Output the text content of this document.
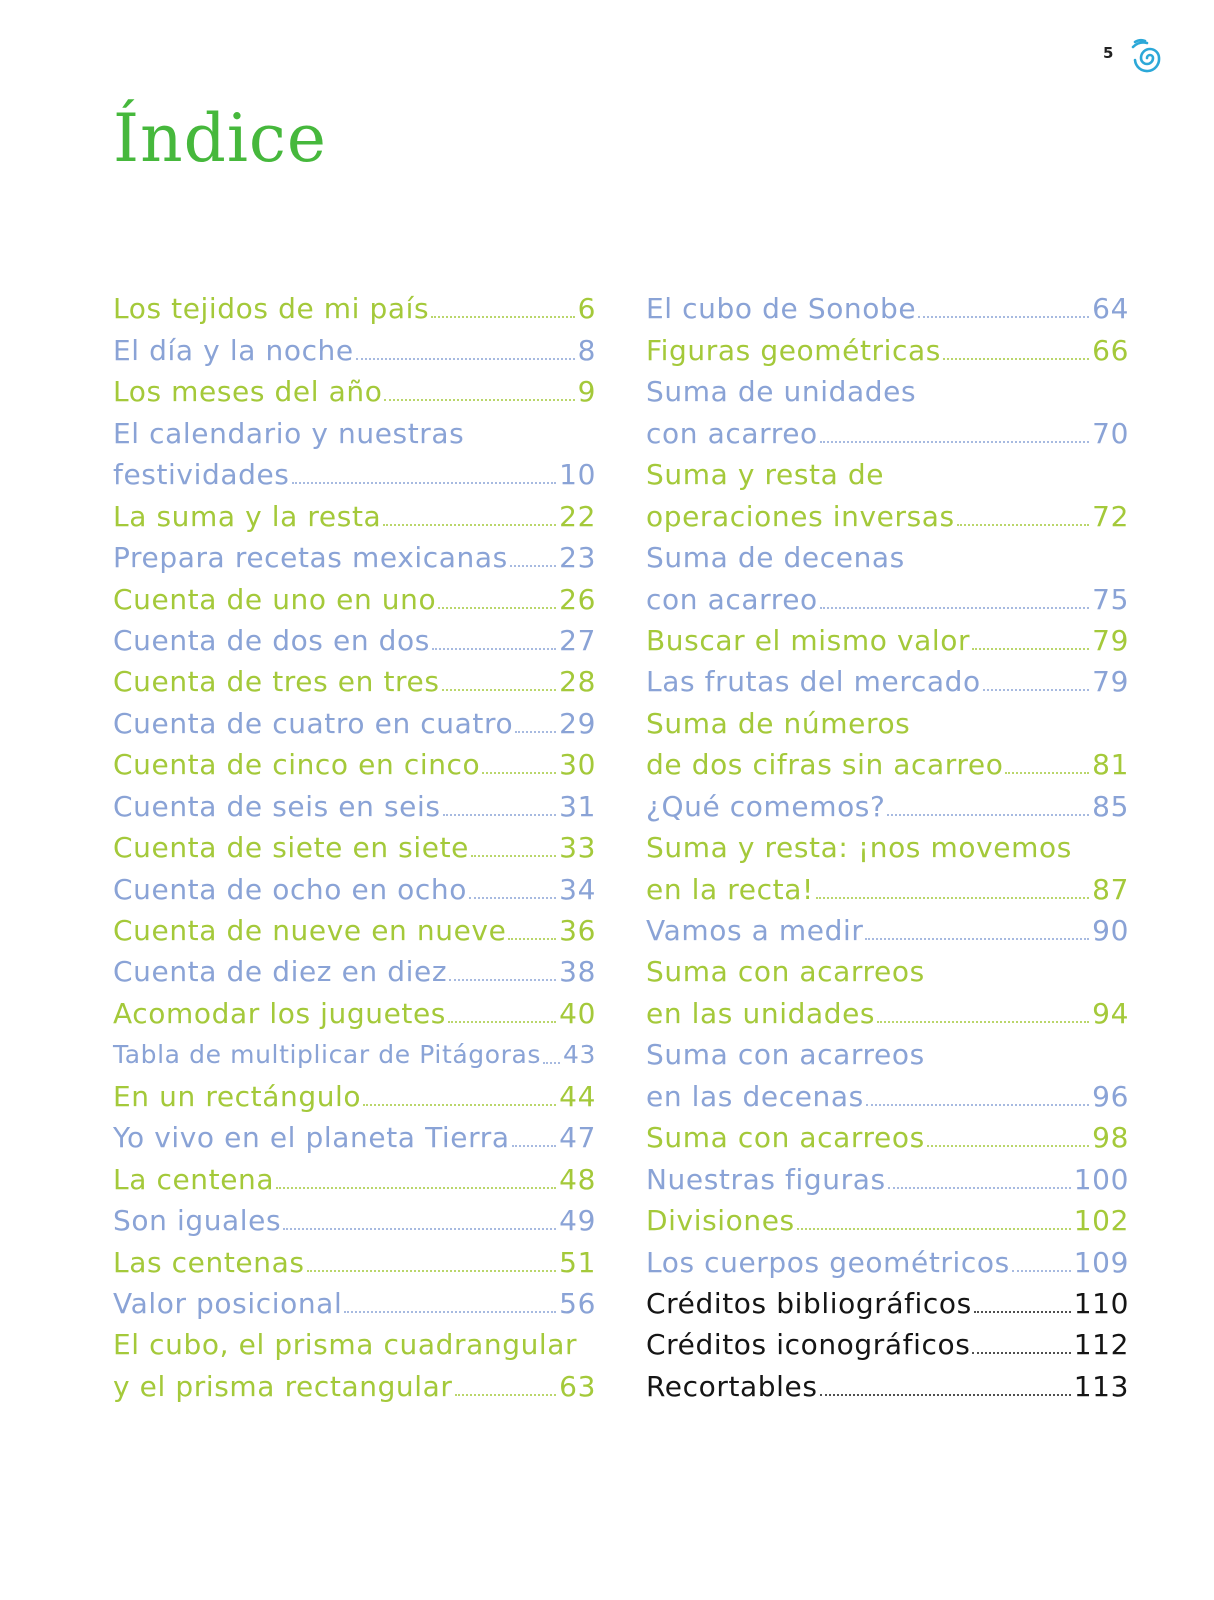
5
Índice
Los tejidos de mi país	6
El día y la noche	8
Los meses del año	9
El calendario y nuestras
festividades	10
La suma y la resta	22
Prepara recetas mexicanas 23
Cuenta de uno en uno	26
Cuenta de dos en dos	27
Cuenta de tres en tres	28
Cuenta de cuatro en cuatro 29
Cuenta de cinco en cinco	30
Cuenta de seis en seis	31
Cuenta de siete en siete	33
Cuenta de ocho en ocho	34
Cuenta de nueve en nueve 36
Cuenta de diez en diez	38
Acomodar los juguetes	40
Tabla de multiplicar de Pitágoras 43
En un rectángulo	44
Yo vivo en el planeta Tierra 47
La centena	48
Son iguales	49
Las centenas	51
Valor posicional	56
El cubo, el prisma cuadrangular
y el prisma rectangular	63
El cubo de Sonobe	64
Figuras geométricas	66
Suma de unidades
con acarreo	70
Suma y resta de
operaciones inversas	72
Suma de decenas
con acarreo	75
Buscar el mismo valor	79
Las frutas del mercado	79
Suma de números
de dos cifras sin acarreo	81
¿Qué comemos?	85
Suma y resta: ¡nos movemos
en la recta!	87
Vamos a medir	90
Suma con acarreos
en las unidades	94
Suma con acarreos
en las decenas	96
Suma con acarreos	98
Nuestras figuras	100
Divisiones	102
Los cuerpos geométricos 109
Créditos bibliográficos	110
Créditos iconográficos	112
Recortables	113
